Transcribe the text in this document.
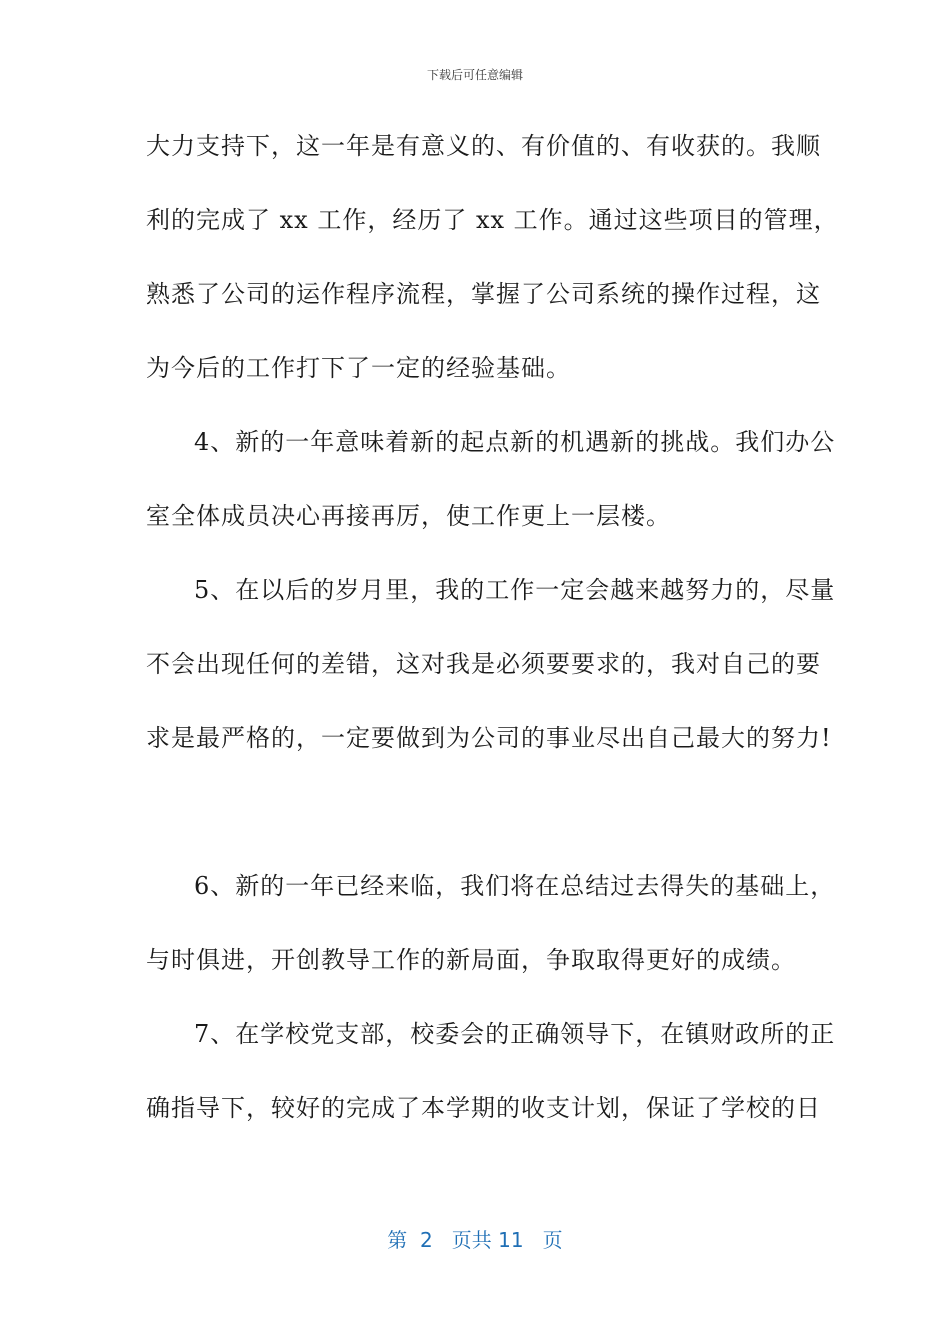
下载后可任意编辑
大力支持下，这一年是有意义的、有价值的、有收获的。我顺
利的完成了 xx 工作，经历了 xx 工作。通过这些项目的管理，
熟悉了公司的运作程序流程，掌握了公司系统的操作过程，这
为今后的工作打下了一定的经验基础。
4、新的一年意味着新的起点新的机遇新的挑战。我们办公
室全体成员决心再接再厉，使工作更上一层楼。
5、在以后的岁月里，我的工作一定会越来越努力的，尽量
不会出现任何的差错，这对我是必须要要求的，我对自己的要
求是最严格的，一定要做到为公司的事业尽出自己最大的努力!
6、新的一年已经来临，我们将在总结过去得失的基础上，
与时俱进，开创教导工作的新局面，争取取得更好的成绩。
7、在学校党支部，校委会的正确领导下，在镇财政所的正
确指导下，较好的完成了本学期的收支计划，保证了学校的日
第  2   页共 11   页
